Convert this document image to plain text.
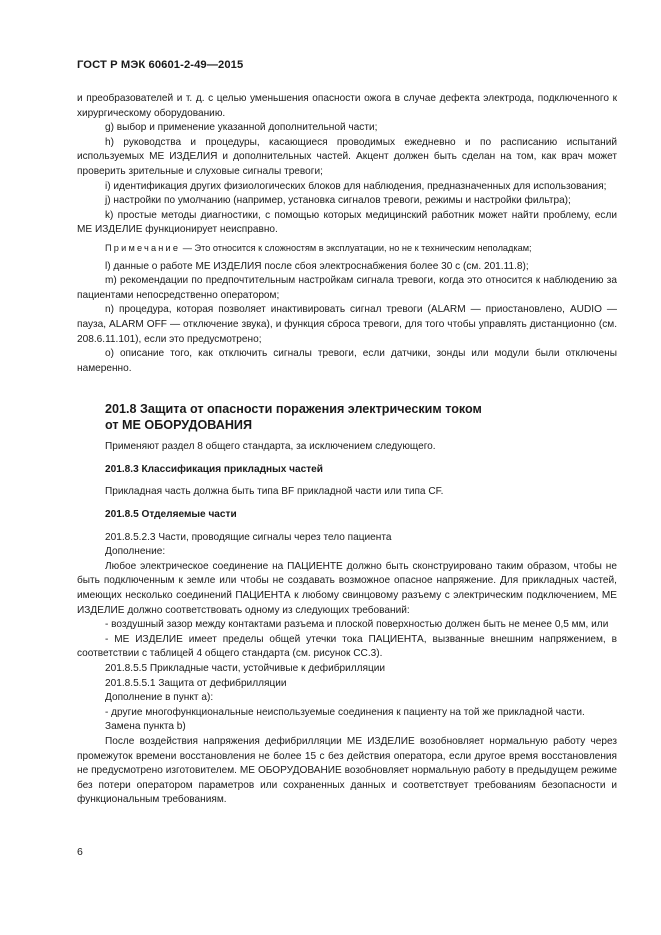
ГОСТ Р МЭК 60601-2-49—2015

и преобразователей и т. д. с целью уменьшения опасности ожога в случае дефекта электрода, подключенного к хирургическому оборудованию.

g) выбор и применение указанной дополнительной части;

h) руководства и процедуры, касающиеся проводимых ежедневно и по расписанию испытаний используемых МЕ ИЗДЕЛИЯ и дополнительных частей. Акцент должен быть сделан на том, как врач может проверить зрительные и слуховые сигналы тревоги;

i) идентификация других физиологических блоков для наблюдения, предназначенных для использования;

j) настройки по умолчанию (например, установка сигналов тревоги, режимы и настройки фильтра);

k) простые методы диагностики, с помощью которых медицинский работник может найти проблему, если МЕ ИЗДЕЛИЕ функционирует неисправно.

Примечание — Это относится к сложностям в эксплуатации, но не к техническим неполадкам;

l) данные о работе МЕ ИЗДЕЛИЯ после сбоя электроснабжения более 30 с (см. 201.11.8);

m) рекомендации по предпочтительным настройкам сигнала тревоги, когда это относится к наблюдению за пациентами непосредственно оператором;

n) процедура, которая позволяет инактивировать сигнал тревоги (ALARM — приостановлено, AUDIO — пауза, ALARM OFF — отключение звука), и функция сброса тревоги, для того чтобы управлять дистанционно (см. 208.6.11.101), если это предусмотрено;

o) описание того, как отключить сигналы тревоги, если датчики, зонды или модули были отключены намеренно.

201.8 Защита от опасности поражения электрическим током
от МЕ ОБОРУДОВАНИЯ

Применяют раздел 8 общего стандарта, за исключением следующего.

201.8.3 Классификация прикладных частей

Прикладная часть должна быть типа BF прикладной части или типа CF.

201.8.5 Отделяемые части

201.8.5.2.3 Части, проводящие сигналы через тело пациента

Дополнение:

Любое электрическое соединение на ПАЦИЕНТЕ должно быть сконструировано таким образом, чтобы не быть подключенным к земле или чтобы не создавать возможное опасное напряжение. Для прикладных частей, имеющих несколько соединений ПАЦИЕНТА к любому свинцовому разъему с электрическим подключением, МЕ ИЗДЕЛИЕ должно соответствовать одному из следующих требований:

- воздушный зазор между контактами разъема и плоской поверхностью должен быть не менее 0,5 мм, или

- МЕ ИЗДЕЛИЕ имеет пределы общей утечки тока ПАЦИЕНТА, вызванные внешним напряжением, в соответствии с таблицей 4 общего стандарта (см. рисунок СС.3).

201.8.5.5 Прикладные части, устойчивые к дефибрилляции

201.8.5.5.1 Защита от дефибрилляции

Дополнение в пункт а):

- другие многофункциональные неиспользуемые соединения к пациенту на той же прикладной части.

Замена пункта b)

После воздействия напряжения дефибрилляции МЕ ИЗДЕЛИЕ возобновляет нормальную работу через промежуток времени восстановления не более 15 с без действия оператора, если другое время восстановления не предусмотрено изготовителем. МЕ ОБОРУДОВАНИЕ возобновляет нормальную работу в предыдущем режиме без потери оператором параметров или сохраненных данных и соответствует требованиям безопасности и функциональным требованиям.

6
